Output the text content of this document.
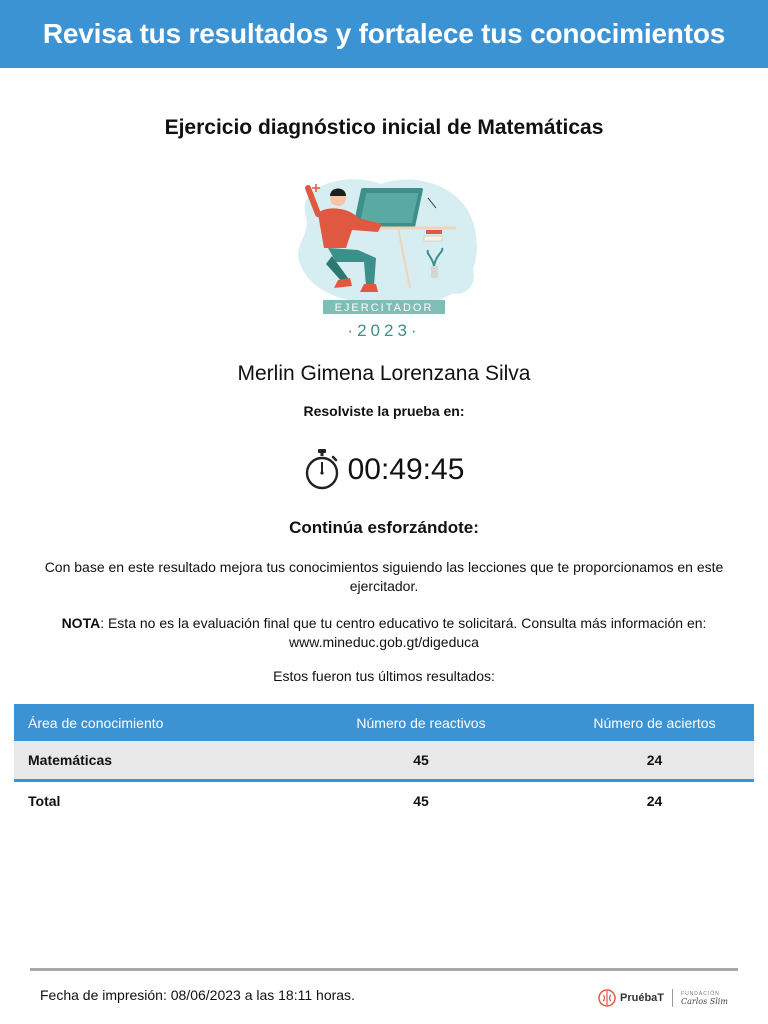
Revisa tus resultados y fortalece tus conocimientos
Ejercicio diagnóstico inicial de Matemáticas
EJERCITADOR
·2023·
Merlin Gimena Lorenzana Silva
Resolviste la prueba en:
00:49:45
Continúa esforzándote:
Con base en este resultado mejora tus conocimientos siguiendo las lecciones que te proporcionamos en este ejercitador.
NOTA: Esta no es la evaluación final que tu centro educativo te solicitará. Consulta más información en: www.mineduc.gob.gt/digeduca
Estos fueron tus últimos resultados:
Área de conocimiento	Número de reactivos	Número de aciertos
Matemáticas	45	24
Total	45	24
Fecha de impresión: 08/06/2023 a las 18:11 horas.	PruébaT	FUNDACIÓN
Carlos Slim
